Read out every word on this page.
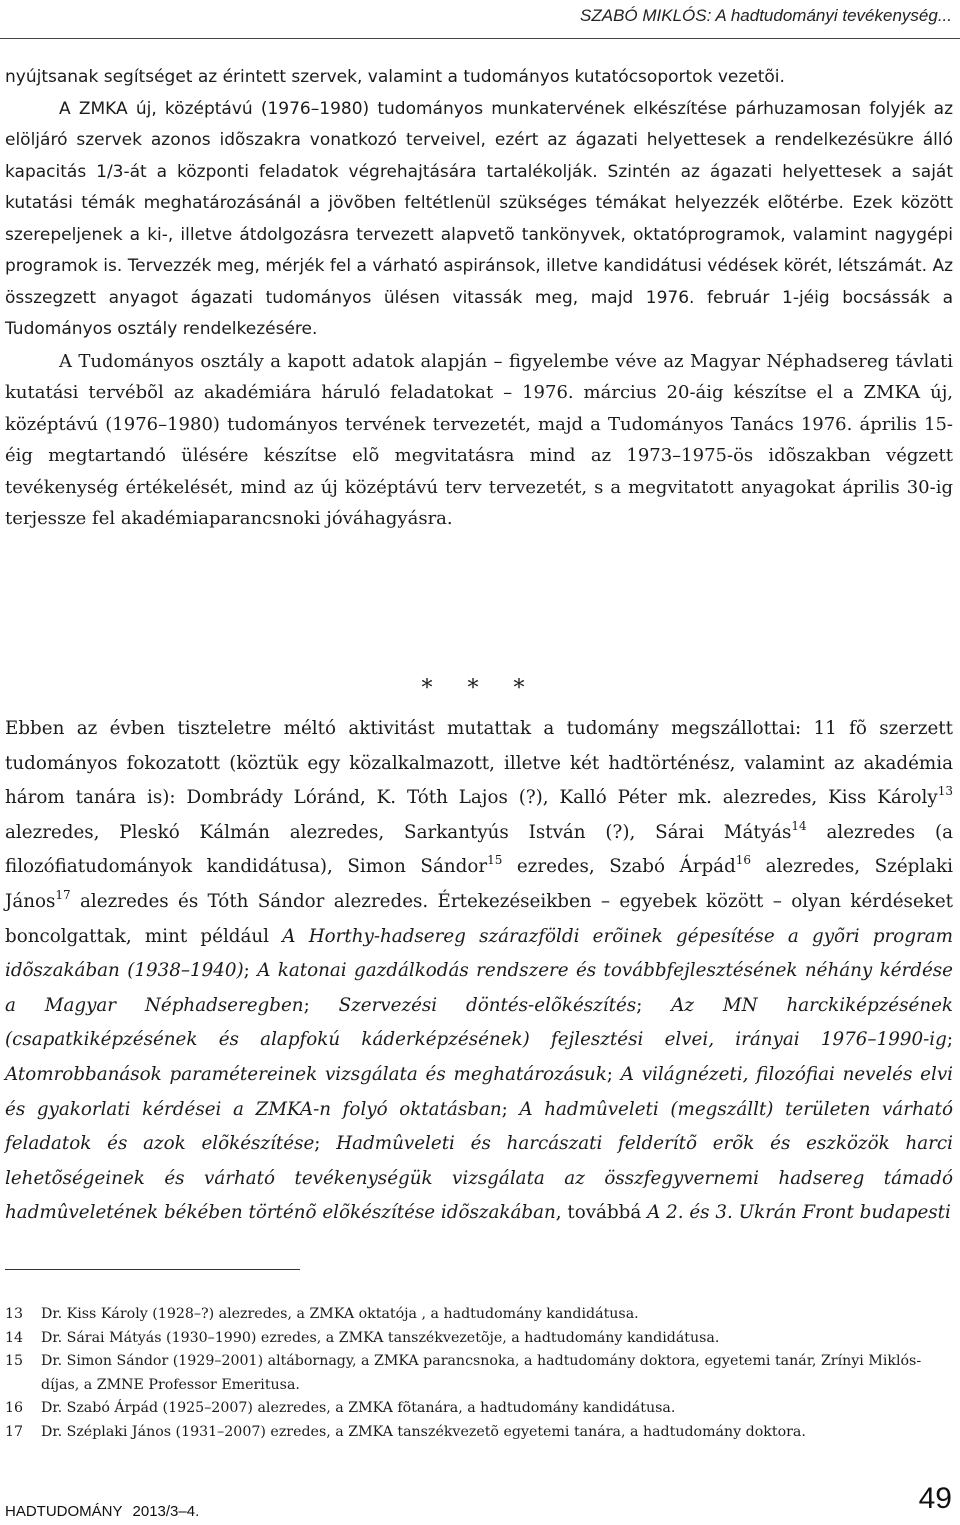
SZABÓ MIKLÓS: A hadtudományi tevékenység...

nyújtsanak segítséget az érintett szervek, valamint a tudományos kutatócsoportok vezetõi.

A ZMKA új, középtávú (1976–1980) tudományos munkatervének elkészítése párhuzamosan folyjék az elöljáró szervek azonos idõszakra vonatkozó terveivel, ezért az ágazati helyettesek a rendelkezésükre álló kapacitás 1/3-át a központi feladatok végrehajtására tartalékolják. Szintén az ágazati helyettesek a saját kutatási témák meghatározásánál a jövõben feltétlenül szükséges témákat helyezzék elõtérbe. Ezek között szerepeljenek a ki-, illetve átdolgozásra tervezett alapvetõ tankönyvek, oktatóprogramok, valamint nagygépi programok is. Tervezzék meg, mérjék fel a várható aspiránsok, illetve kandidátusi védések körét, létszámát. Az összegzett anyagot ágazati tudományos ülésen vitassák meg, majd 1976. február 1-jéig bocsássák a Tudományos osztály rendelkezésére.

A Tudományos osztály a kapott adatok alapján – figyelembe véve az Magyar Néphadsereg távlati kutatási tervébõl az akadémiára háruló feladatokat – 1976. március 20-áig készítse el a ZMKA új, középtávú (1976–1980) tudományos tervének tervezetét, majd a Tudományos Tanács 1976. április 15-éig megtartandó ülésére készítse elõ megvitatásra mind az 1973–1975-ös idõszakban végzett tevékenység értékelését, mind az új középtávú terv tervezetét, s a megvitatott anyagokat április 30-ig terjessze fel akadémiaparancsnoki jóváhagyásra.

* * *

Ebben az évben tiszteletre méltó aktivitást mutattak a tudomány megszállottai: 11 fõ szerzett tudományos fokozatott (köztük egy közalkalmazott, illetve két hadtörténész, valamint az akadémia három tanára is): Dombrády Lóránd, K. Tóth Lajos (?), Kalló Péter mk. alezredes, Kiss Károly$^{13}$ alezredes, Pleskó Kálmán alezredes, Sarkantyús István (?), Sárai Mátyás$^{14}$ alezredes (a filozófiatudományok kandidátusa), Simon Sándor$^{15}$ ezredes, Szabó Árpád$^{16}$ alezredes, Széplaki János$^{17}$ alezredes és Tóth Sándor alezredes. Értekezéseikben – egyebek között – olyan kérdéseket boncolgattak, mint például A Horthy-hadsereg szárazföldi erõinek gépesítése a gyõri program idõszakában (1938–1940); A katonai gazdálkodás rendszere és továbbfejlesztésének néhány kérdése a Magyar Néphadseregben; Szervezési döntés-elõkészítés; Az MN harckiképzésének (csapatkiképzésének és alapfokú káderképzésének) fejlesztési elvei, irányai 1976–1990-ig; Atomrobbanások paramétereinek vizsgálata és meghatározásuk; A világnézeti, filozófiai nevelés elvi és gyakorlati kérdései a ZMKA-n folyó oktatásban; A hadmûveleti (megszállt) területen várható feladatok és azok elõkészítése; Hadmûveleti és harcászati felderítõ erõk és eszközök harci lehetõségeinek és várható tevékenységük vizsgálata az összfegyvernemi hadsereg támadó hadmûveletének békében történõ elõkészítése idõszakában, továbbá A 2. és 3. Ukrán Front budapesti

13	Dr. Kiss Károly (1928–?) alezredes, a ZMKA oktatója , a hadtudomány kandidátusa.
14	Dr. Sárai Mátyás (1930–1990) ezredes, a ZMKA tanszékvezetõje, a hadtudomány kandidátusa.
15	Dr. Simon Sándor (1929–2001) altábornagy, a ZMKA parancsnoka, a hadtudomány doktora, egyetemi tanár, Zrínyi Miklós-díjas, a ZMNE Professor Emeritusa.
16	Dr. Szabó Árpád (1925–2007) alezredes, a ZMKA fõtanára, a hadtudomány kandidátusa.
17	Dr. Széplaki János (1931–2007) ezredes, a ZMKA tanszékvezetõ egyetemi tanára, a hadtudomány doktora.
HADTUDOMÁNY 2013/3–4.	49
